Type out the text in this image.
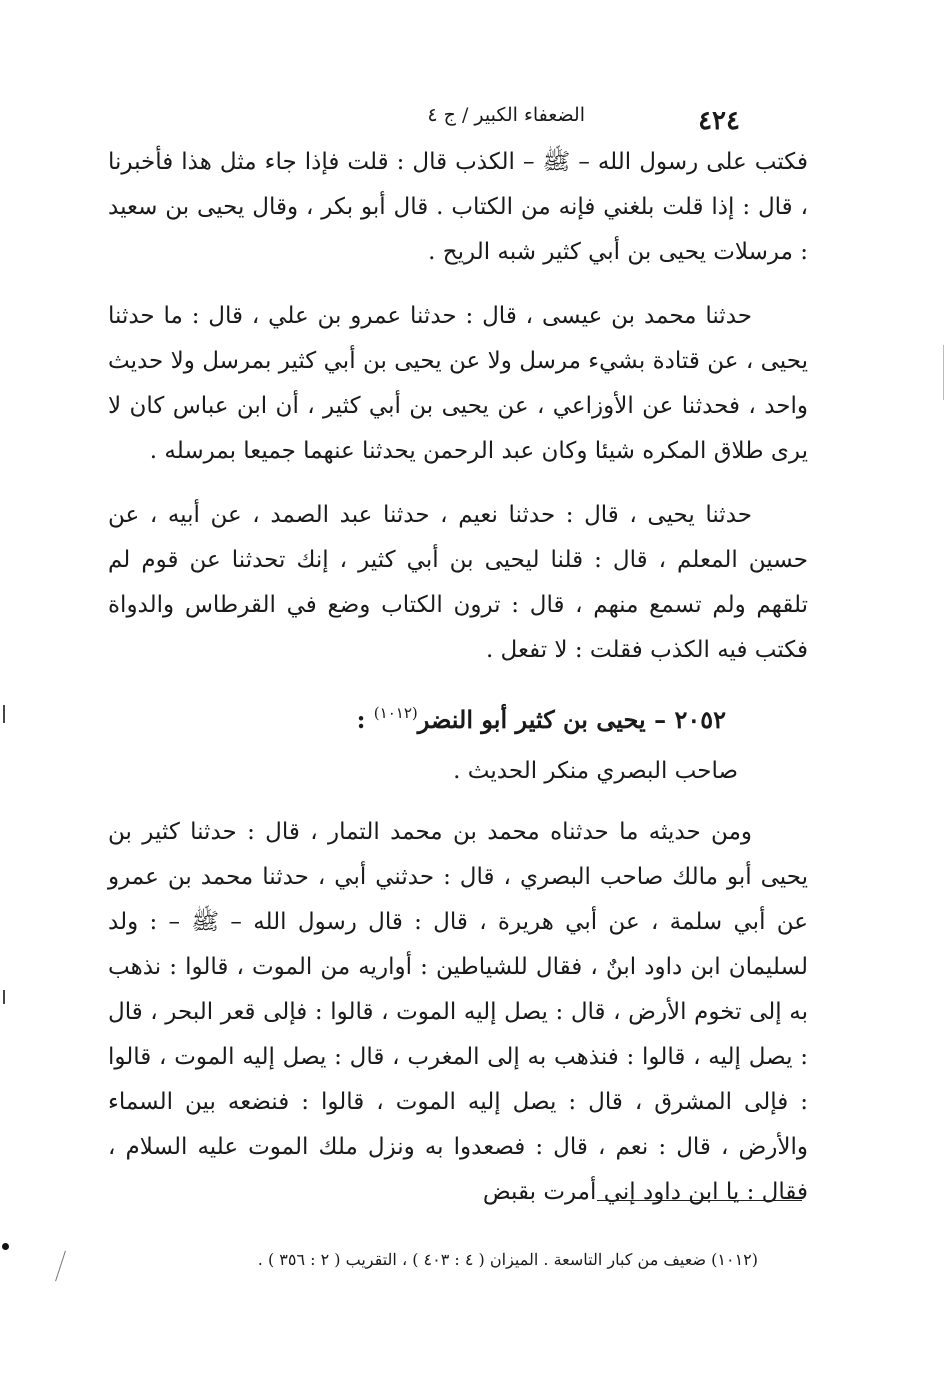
٤٢٤
الضعفاء الكبير / ج ٤
فكتب على رسول الله – ﷺ – الكذب قال : قلت فإذا جاء مثل هذا فأخبرنا ، قال : إذا قلت بلغني فإنه من الكتاب . قال أبو بكر ، وقال يحيى بن سعيد : مرسلات يحيى بن أبي كثير شبه الريح .
حدثنا محمد بن عيسى ، قال : حدثنا عمرو بن علي ، قال : ما حدثنا يحيى ، عن قتادة بشيء مرسل ولا عن يحيى بن أبي كثير بمرسل ولا حديث واحد ، فحدثنا عن الأوزاعي ، عن يحيى بن أبي كثير ، أن ابن عباس كان لا يرى طلاق المكره شيئا وكان عبد الرحمن يحدثنا عنهما جميعا بمرسله .
حدثنا يحيى ، قال : حدثنا نعيم ، حدثنا عبد الصمد ، عن أبيه ، عن حسين المعلم ، قال : قلنا ليحيى بن أبي كثير ، إنك تحدثنا عن قوم لم تلقهم ولم تسمع منهم ، قال : ترون الكتاب وضع في القرطاس والدواة فكتب فيه الكذب فقلت : لا تفعل .
٢٠٥٢ – يحيى بن كثير أبو النضر$^{(١٠١٢)}$ :
صاحب البصري منكر الحديث .
ومن حديثه ما حدثناه محمد بن محمد التمار ، قال : حدثنا كثير بن يحيى أبو مالك صاحب البصري ، قال : حدثني أبي ، حدثنا محمد بن عمرو عن أبي سلمة ، عن أبي هريرة ، قال : قال رسول الله – ﷺ – : ولد لسليمان ابن داود ابنٌ ، فقال للشياطين : أواريه من الموت ، قالوا : نذهب به إلى تخوم الأرض ، قال : يصل إليه الموت ، قالوا : فإلى قعر البحر ، قال : يصل إليه ، قالوا : فنذهب به إلى المغرب ، قال : يصل إليه الموت ، قالوا : فإلى المشرق ، قال : يصل إليه الموت ، قالوا : فنضعه بين السماء والأرض ، قال : نعم ، قال : فصعدوا به ونزل ملك الموت عليه السلام ، فقال : يا ابن داود إني أمرت بقبض
(١٠١٢) ضعيف من كبار التاسعة . الميزان ( ٤ : ٤٠٣ ) ، التقريب ( ٢ : ٣٥٦ ) .
